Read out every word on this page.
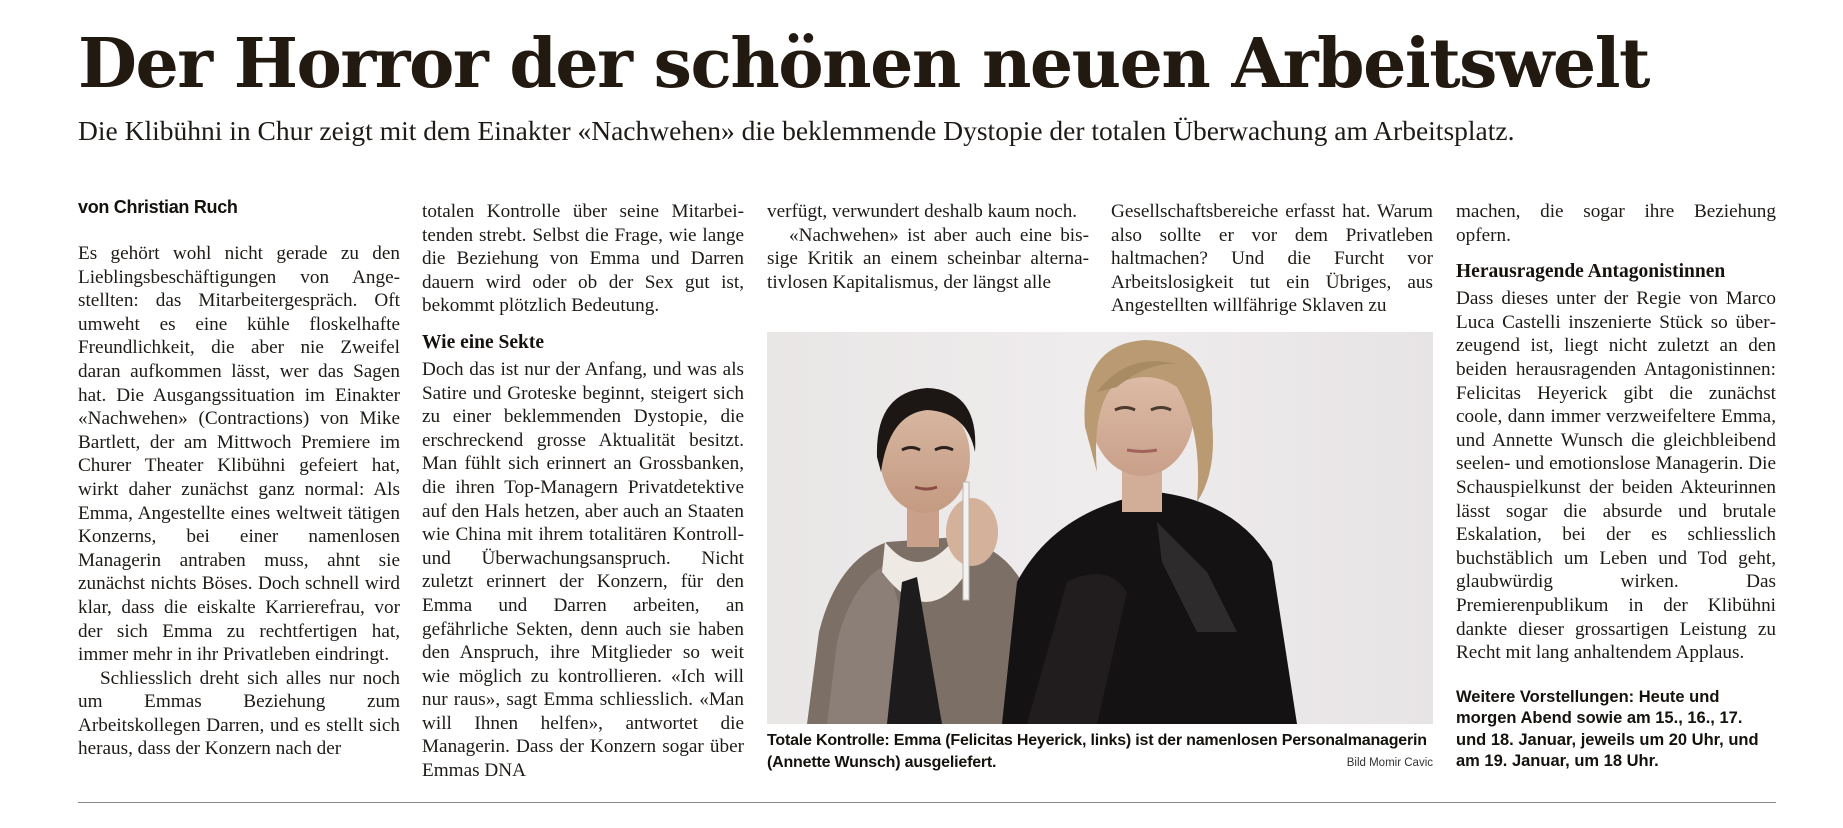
Der Horror der schönen neuen Arbeitswelt

Die Klibühni in Chur zeigt mit dem Einakter «Nachwehen» die beklemmende Dystopie der totalen Überwachung am Arbeitsplatz.

von Christian Ruch

Es gehört wohl nicht gerade zu den Lieblingsbeschäftigungen von Angestellten: das Mitarbeitergespräch. Oft umweht es eine kühle floskelhafte Freundlichkeit, die aber nie Zweifel daran aufkommen lässt, wer das Sagen hat. Die Ausgangssituation im Einakter «Nachwehen» (Contractions) von Mike Bartlett, der am Mittwoch Premiere im Churer Theater Klibühni gefeiert hat, wirkt daher zunächst ganz normal: Als Emma, Angestellte eines weltweit tätigen Konzerns, bei einer namenlosen Managerin antraben muss, ahnt sie zunächst nichts Böses. Doch schnell wird klar, dass die eiskalte Karrierefrau, vor der sich Emma zu rechtfertigen hat, immer mehr in ihr Privatleben eindringt.

Schliesslich dreht sich alles nur noch um Emmas Beziehung zum Arbeitskollegen Darren, und es stellt sich heraus, dass der Konzern nach der

totalen Kontrolle über seine Mitarbeitenden strebt. Selbst die Frage, wie lange die Beziehung von Emma und Darren dauern wird oder ob der Sex gut ist, bekommt plötzlich Bedeutung.

Wie eine Sekte

Doch das ist nur der Anfang, und was als Satire und Groteske beginnt, steigert sich zu einer beklemmenden Dystopie, die erschreckend grosse Aktualität besitzt. Man fühlt sich erinnert an Grossbanken, die ihren Top-Managern Privatdetektive auf den Hals hetzen, aber auch an Staaten wie China mit ihrem totalitären Kontroll- und Überwachungsanspruch. Nicht zuletzt erinnert der Konzern, für den Emma und Darren arbeiten, an gefährliche Sekten, denn auch sie haben den Anspruch, ihre Mitglieder so weit wie möglich zu kontrollieren. «Ich will nur raus», sagt Emma schliesslich. «Man will Ihnen helfen», antwortet die Managerin. Dass der Konzern sogar über Emmas DNA

verfügt, verwundert deshalb kaum noch.

«Nachwehen» ist aber auch eine bissige Kritik an einem scheinbar alternativlosen Kapitalismus, der längst alle

Gesellschaftsbereiche erfasst hat. Warum also sollte er vor dem Privatleben haltmachen? Und die Furcht vor Arbeitslosigkeit tut ein Übriges, aus Angestellten willfährige Sklaven zu

machen, die sogar ihre Beziehung opfern.

Herausragende Antagonistinnen

Dass dieses unter der Regie von Marco Luca Castelli inszenierte Stück so überzeugend ist, liegt nicht zuletzt an den beiden herausragenden Antagonistinnen: Felicitas Heyerick gibt die zunächst coole, dann immer verzweifeltere Emma, und Annette Wunsch die gleichbleibend seelen- und emotionslose Managerin. Die Schauspielkunst der beiden Akteurinnen lässt sogar die absurde und brutale Eskalation, bei der es schliesslich buchstäblich um Leben und Tod geht, glaubwürdig wirken. Das Premierenpublikum in der Klibühni dankte dieser grossartigen Leistung zu Recht mit lang anhaltendem Applaus.

Weitere Vorstellungen: Heute und morgen Abend sowie am 15., 16., 17. und 18. Januar, jeweils um 20 Uhr, und am 19. Januar, um 18 Uhr.
Totale Kontrolle: Emma (Felicitas Heyerick, links) ist der namenlosen Personalmanagerin (Annette Wunsch) ausgeliefert.	Bild Momir Cavic
